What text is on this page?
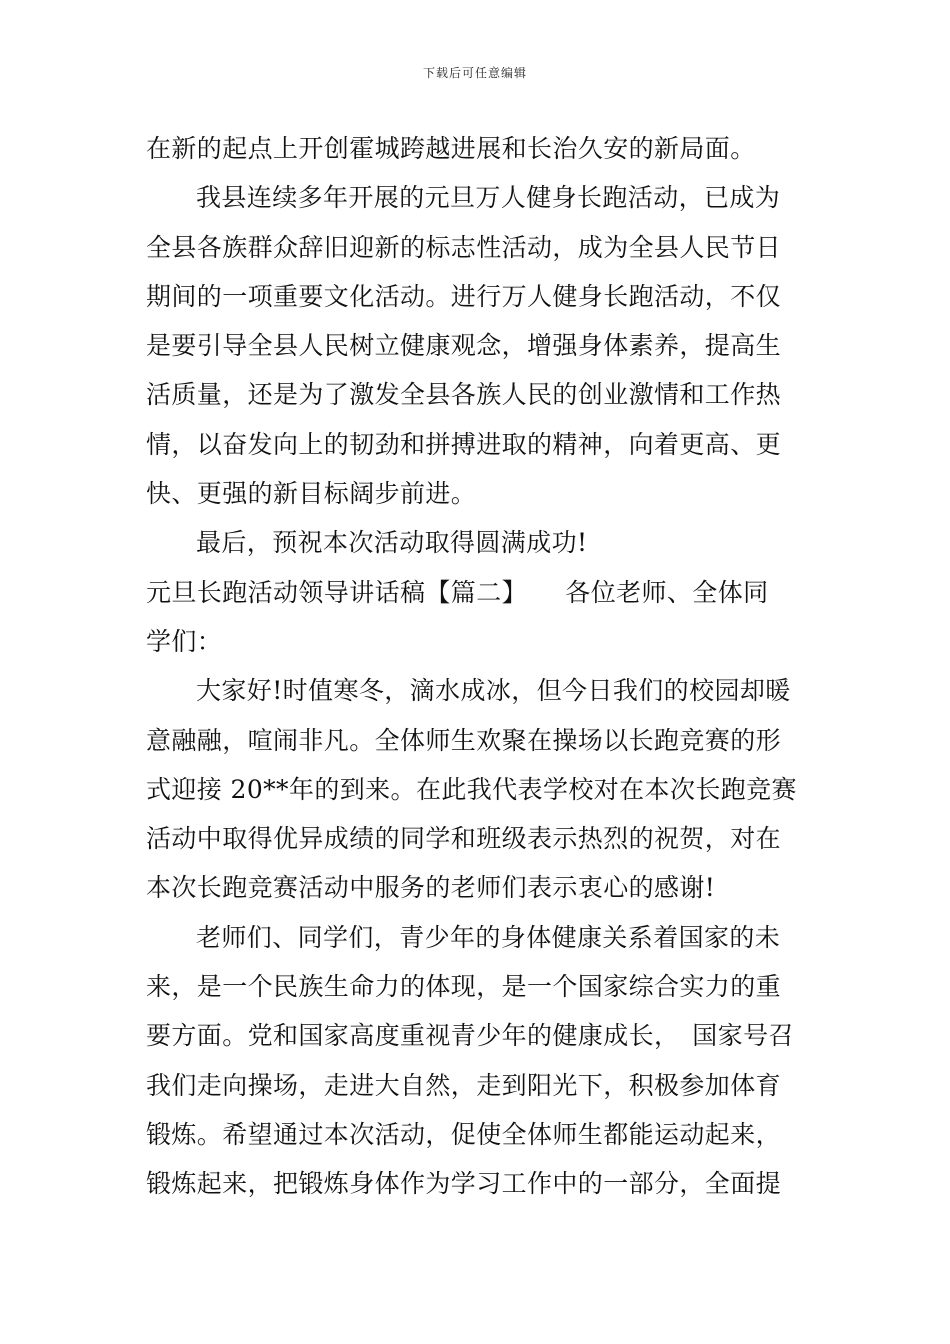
下载后可任意编辑
在新的起点上开创霍城跨越进展和长治久安的新局面。
我县连续多年开展的元旦万人健身长跑活动，已成为
全县各族群众辞旧迎新的标志性活动，成为全县人民节日
期间的一项重要文化活动。进行万人健身长跑活动，不仅
是要引导全县人民树立健康观念，增强身体素养，提高生
活质量，还是为了激发全县各族人民的创业激情和工作热
情，以奋发向上的韧劲和拼搏进取的精神，向着更高、更
快、更强的新目标阔步前进。
最后，预祝本次活动取得圆满成功!
元旦长跑活动领导讲话稿【篇二】　　各位老师、全体同
学们：
大家好!时值寒冬，滴水成冰，但今日我们的校园却暖
意融融，喧闹非凡。全体师生欢聚在操场以长跑竞赛的形
式迎接 20**年的到来。在此我代表学校对在本次长跑竞赛
活动中取得优异成绩的同学和班级表示热烈的祝贺，对在
本次长跑竞赛活动中服务的老师们表示衷心的感谢!
老师们、同学们，青少年的身体健康关系着国家的未
来，是一个民族生命力的体现，是一个国家综合实力的重
要方面。党和国家高度重视青少年的健康成长，　国家号召
我们走向操场，走进大自然，走到阳光下，积极参加体育
锻炼。希望通过本次活动，促使全体师生都能运动起来，
锻炼起来，把锻炼身体作为学习工作中的一部分，全面提
